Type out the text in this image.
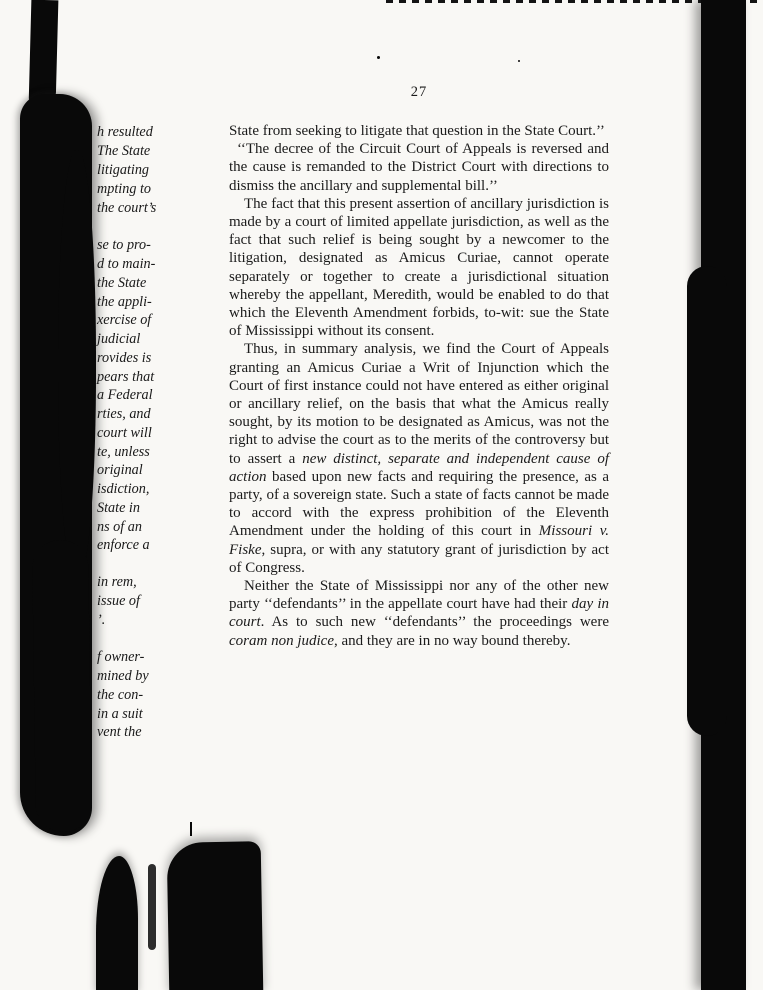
27
h resulted
The State
litigating
mpting to
the court’s
se to pro-
d to main-
the State
the appli-
xercise of
judicial
rovides is
pears that
a Federal
rties, and
court will
te, unless
original
isdiction,
State in
ns of an
enforce a
in rem,
issue of
’.
f owner-
mined by
the con-
in a suit
vent the

State from seeking to litigate that question in the State Court.’’

‘‘The decree of the Circuit Court of Appeals is reversed and the cause is remanded to the District Court with directions to dismiss the ancillary and supplemental bill.’’

The fact that this present assertion of ancillary jurisdiction is made by a court of limited appellate jurisdiction, as well as the fact that such relief is being sought by a newcomer to the litigation, designated as Amicus Curiae, cannot operate separately or together to create a jurisdictional situation whereby the appellant, Meredith, would be enabled to do that which the Eleventh Amendment forbids, to-wit: sue the State of Mississippi without its consent.

Thus, in summary analysis, we find the Court of Appeals granting an Amicus Curiae a Writ of Injunction which the Court of first instance could not have entered as either original or ancillary relief, on the basis that what the Amicus really sought, by its motion to be designated as Amicus, was not the right to advise the court as to the merits of the controversy but to assert a new distinct, separate and independent cause of action based upon new facts and requiring the presence, as a party, of a sovereign state. Such a state of facts cannot be made to accord with the express prohibition of the Eleventh Amendment under the holding of this court in Missouri v. Fiske, supra, or with any statutory grant of jurisdiction by act of Congress.

Neither the State of Mississippi nor any of the other new party ‘‘defendants’’ in the appellate court have had their day in court. As to such new ‘‘defendants’’ the proceedings were coram non judice, and they are in no way bound thereby.
